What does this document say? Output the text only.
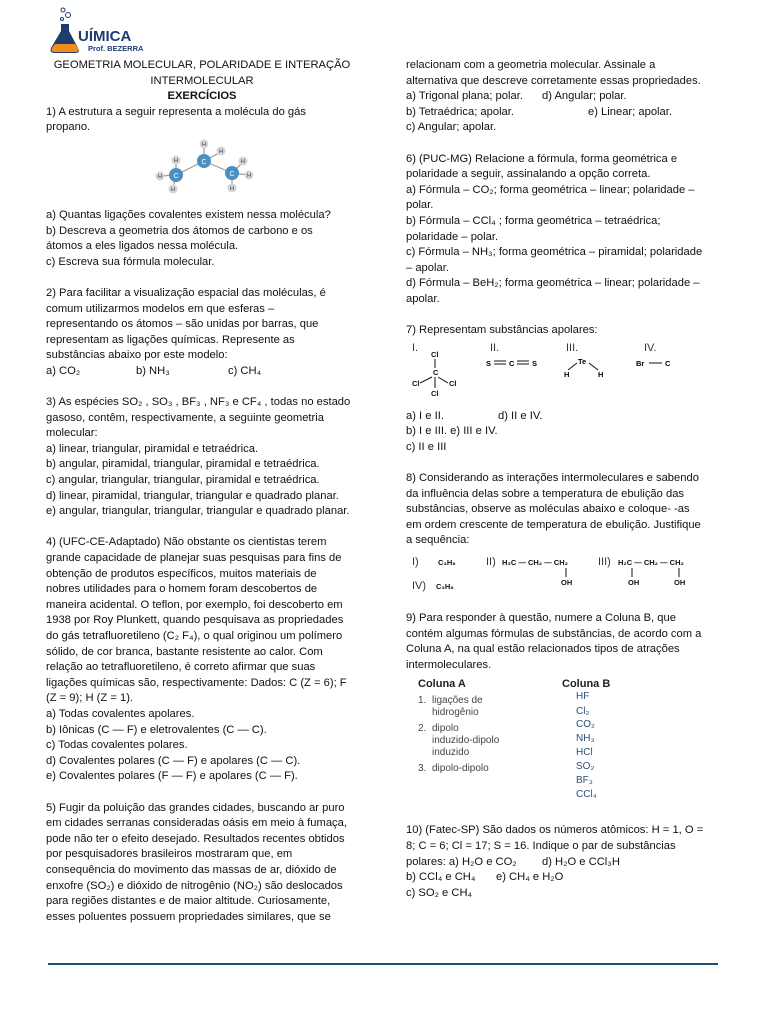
UÍMICA
Prof. BEZERRA

GEOMETRIA MOLECULAR, POLARIDADE E INTERAÇÃO

INTERMOLECULAR

EXERCÍCIOS

1) A estrutura a seguir representa a molécula do gás

propano.

C
C
C
H
H
H
H
H
H
H
H

a) Quantas ligações covalentes existem nessa molécula?

b) Descreva a geometria dos átomos de carbono e os

átomos a eles ligados nessa molécula.

c) Escreva sua fórmula molecular.

2) Para facilitar a visualização espacial das moléculas, é

comum utilizarmos modelos em que esferas –

representando os átomos – são unidas por barras, que

representam as ligações químicas. Represente as

substâncias abaixo por este modelo:

a) CO₂	b) NH₃	c) CH₄

3) As espécies SO₂ , SO₃ , BF₃ , NF₃ e CF₄ , todas no estado

gasoso, contêm, respectivamente, a seguinte geometria

molecular:

a) linear, triangular, piramidal e tetraédrica.

b) angular, piramidal, triangular, piramidal e tetraédrica.

c) angular, triangular, triangular, piramidal e tetraédrica.

d) linear, piramidal, triangular, triangular e quadrado planar.

e) angular, triangular, triangular, triangular e quadrado planar.

4) (UFC-CE-Adaptado) Não obstante os cientistas terem

grande capacidade de planejar suas pesquisas para fins de

obtenção de produtos específicos, muitos materiais de

nobres utilidades para o homem foram descobertos de

maneira acidental. O teflon, por exemplo, foi descoberto em

1938 por Roy Plunkett, quando pesquisava as propriedades

do gás tetrafluoretileno (C₂ F₄), o qual originou um polímero

sólido, de cor branca, bastante resistente ao calor. Com

relação ao tetrafluoretileno, é correto afirmar que suas

ligações químicas são, respectivamente: Dados: C (Z = 6); F

(Z = 9); H (Z = 1).

a) Todas covalentes apolares.

b) Iônicas (C — F) e eletrovalentes (C — C).

c) Todas covalentes polares.

d) Covalentes polares (C — F) e apolares (C — C).

e) Covalentes polares (F — F) e apolares (C — F).

5) Fugir da poluição das grandes cidades, buscando ar puro

em cidades serranas consideradas oásis em meio à fumaça,

pode não ter o efeito desejado. Resultados recentes obtidos

por pesquisadores brasileiros mostraram que, em

consequência do movimento das massas de ar, dióxido de

enxofre (SO₂) e dióxido de nitrogênio (NO₂) são deslocados

para regiões distantes e de maior altitude. Curiosamente,

esses poluentes possuem propriedades similares, que se

relacionam com a geometria molecular. Assinale a

alternativa que descreve corretamente essas propriedades.

a) Trigonal plana; polar. d) Angular; polar.

b) Tetraédrica; apolar.	e) Linear; apolar.

c) Angular; apolar.

6) (PUC-MG) Relacione a fórmula, forma geométrica e

polaridade a seguir, assinalando a opção correta.

a) Fórmula – CO₂; forma geométrica – linear; polaridade –

polar.

b) Fórmula – CCl₄ ; forma geométrica – tetraédrica;

polaridade – polar.

c) Fórmula – NH₃; forma geométrica – piramidal; polaridade

– apolar.

d) Fórmula – BeH₂; forma geométrica – linear; polaridade –

apolar.

7) Representam substâncias apolares:

I.	II.	III.	IV.
Cl
C
Cl	Cl
Cl
S C S	Te
H	H
Br	C

a) I e II.	d) II e IV.

b) I e III. e) III e IV.

c) II e III

8) Considerando as interações intermoleculares e sabendo

da influência delas sobre a temperatura de ebulição das

substâncias, observe as moléculas abaixo e coloque- -as

em ordem crescente de temperatura de ebulição. Justifique

a sequência:

I)	II)	III)
IV)
C₃H₈	H₃C — CH₂ — CH₂
OH
H₂C — CH₂ — CH₂
OH	OH
C₃H₈

9) Para responder à questão, numere a Coluna B, que

contém algumas fórmulas de substâncias, de acordo com a

Coluna A, na qual estão relacionados tipos de atrações

intermoleculares.

Coluna A	Coluna B
1. ligações de
hidrogênio
2. dipolo
induzido-dipolo
induzido
3. dipolo-dipolo
HF
Cl₂
CO₂
NH₃
HCl
SO₂
BF₃
CCl₄

10) (Fatec-SP) São dados os números atômicos: H = 1, O =

8; C = 6; Cl = 17; S = 16. Indique o par de substâncias

polares: a) H₂O e CO₂ d) H₂O e CCl₃H

b) CCl₄ e CH₄ e) CH₄ e H₂O

c) SO₂ e CH₄
